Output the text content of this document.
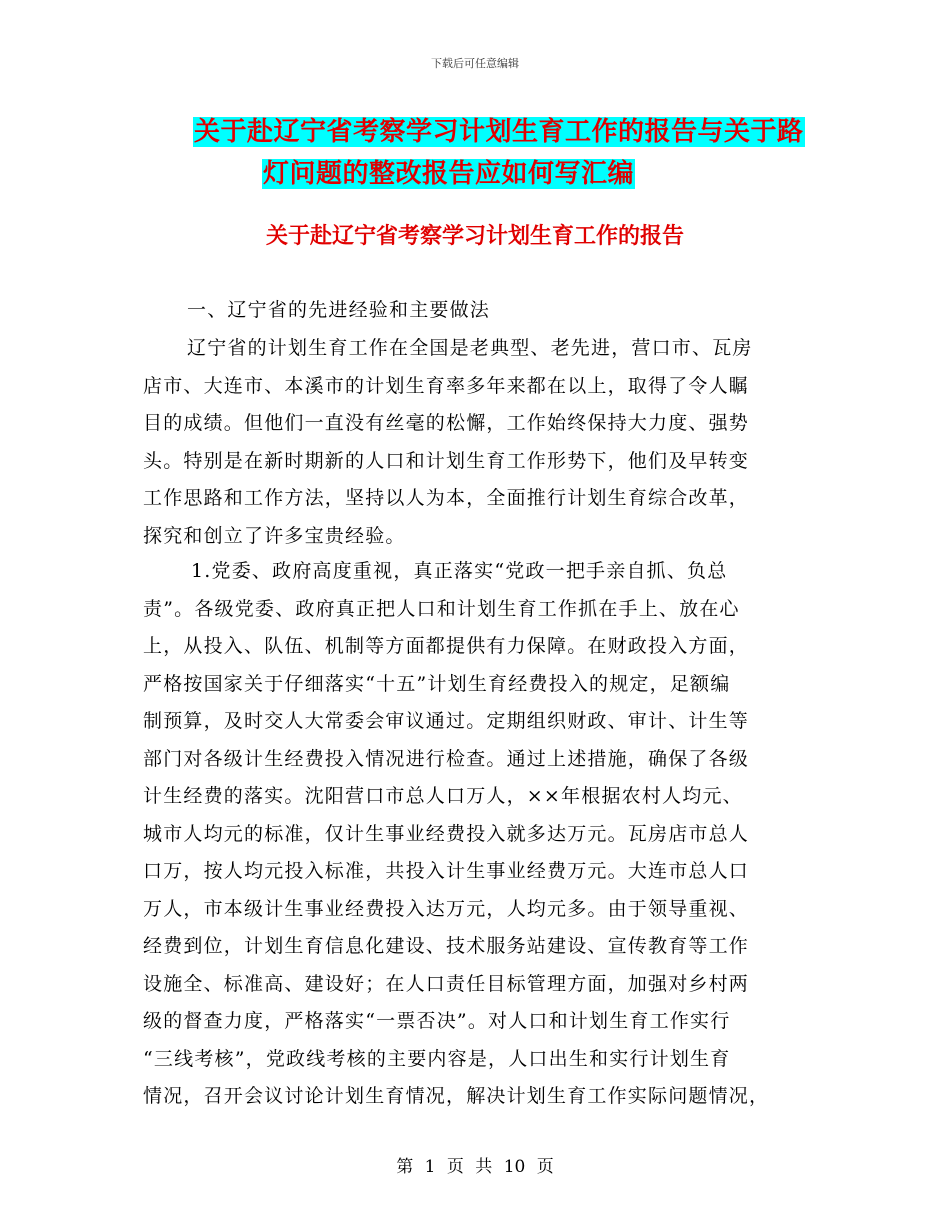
下载后可任意编辑
关于赴辽宁省考察学习计划生育工作的报告与关于路
灯问题的整改报告应如何写汇编
关于赴辽宁省考察学习计划生育工作的报告
一、辽宁省的先进经验和主要做法
辽宁省的计划生育工作在全国是老典型、老先进，营口市、瓦房
店市、大连市、本溪市的计划生育率多年来都在以上，取得了令人瞩
目的成绩。但他们一直没有丝毫的松懈，工作始终保持大力度、强势
头。特别是在新时期新的人口和计划生育工作形势下，他们及早转变
工作思路和工作方法，坚持以人为本，全面推行计划生育综合改革，
探究和创立了许多宝贵经验。
1.党委、政府高度重视，真正落实“党政一把手亲自抓、负总
责”。各级党委、政府真正把人口和计划生育工作抓在手上、放在心
上，从投入、队伍、机制等方面都提供有力保障。在财政投入方面，
严格按国家关于仔细落实“十五”计划生育经费投入的规定，足额编
制预算，及时交人大常委会审议通过。定期组织财政、审计、计生等
部门对各级计生经费投入情况进行检查。通过上述措施，确保了各级
计生经费的落实。沈阳营口市总人口万人，××年根据农村人均元、
城市人均元的标准，仅计生事业经费投入就多达万元。瓦房店市总人
口万，按人均元投入标准，共投入计生事业经费万元。大连市总人口
万人，市本级计生事业经费投入达万元，人均元多。由于领导重视、
经费到位，计划生育信息化建设、技术服务站建设、宣传教育等工作
设施全、标准高、建设好；在人口责任目标管理方面，加强对乡村两
级的督查力度，严格落实“一票否决”。对人口和计划生育工作实行
“三线考核”，党政线考核的主要内容是，人口出生和实行计划生育
情况，召开会议讨论计划生育情况，解决计划生育工作实际问题情况，
第 1 页 共 10 页
